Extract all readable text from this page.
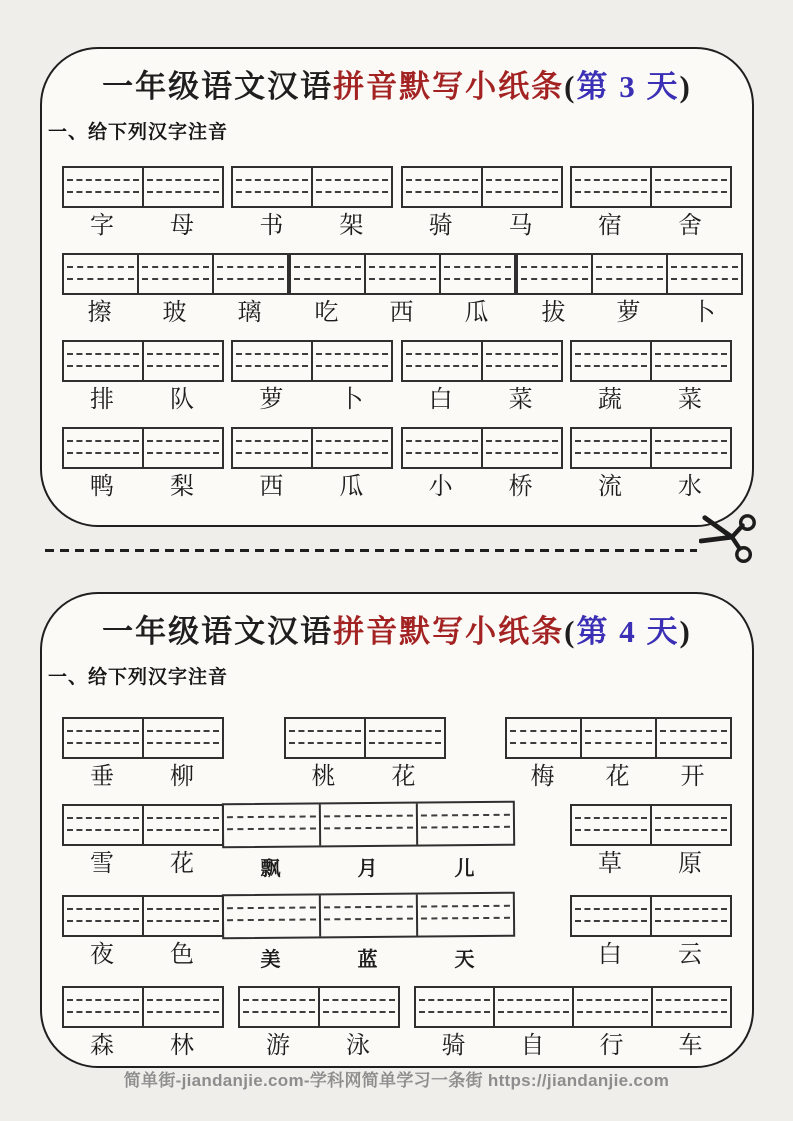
一年级语文汉语拼音默写小纸条(第 3 天)
一、给下列汉字注音
字	母	书	架	骑	马	宿	舍
擦	玻	璃	吃	西	瓜	拔	萝	卜
排	队	萝	卜	白	菜	蔬	菜
鸭	梨	西	瓜	小	桥	流	水
一年级语文汉语拼音默写小纸条(第 4 天)
一、给下列汉字注音
垂	柳	桃	花	梅	花	开
雪	花	飘	月	儿	草	原
夜	色	美	蓝	天	白	云
森	林	游	泳	骑	自	行	车
简单街-jiandanjie.com-学科网简单学习一条街 https://jiandanjie.com
